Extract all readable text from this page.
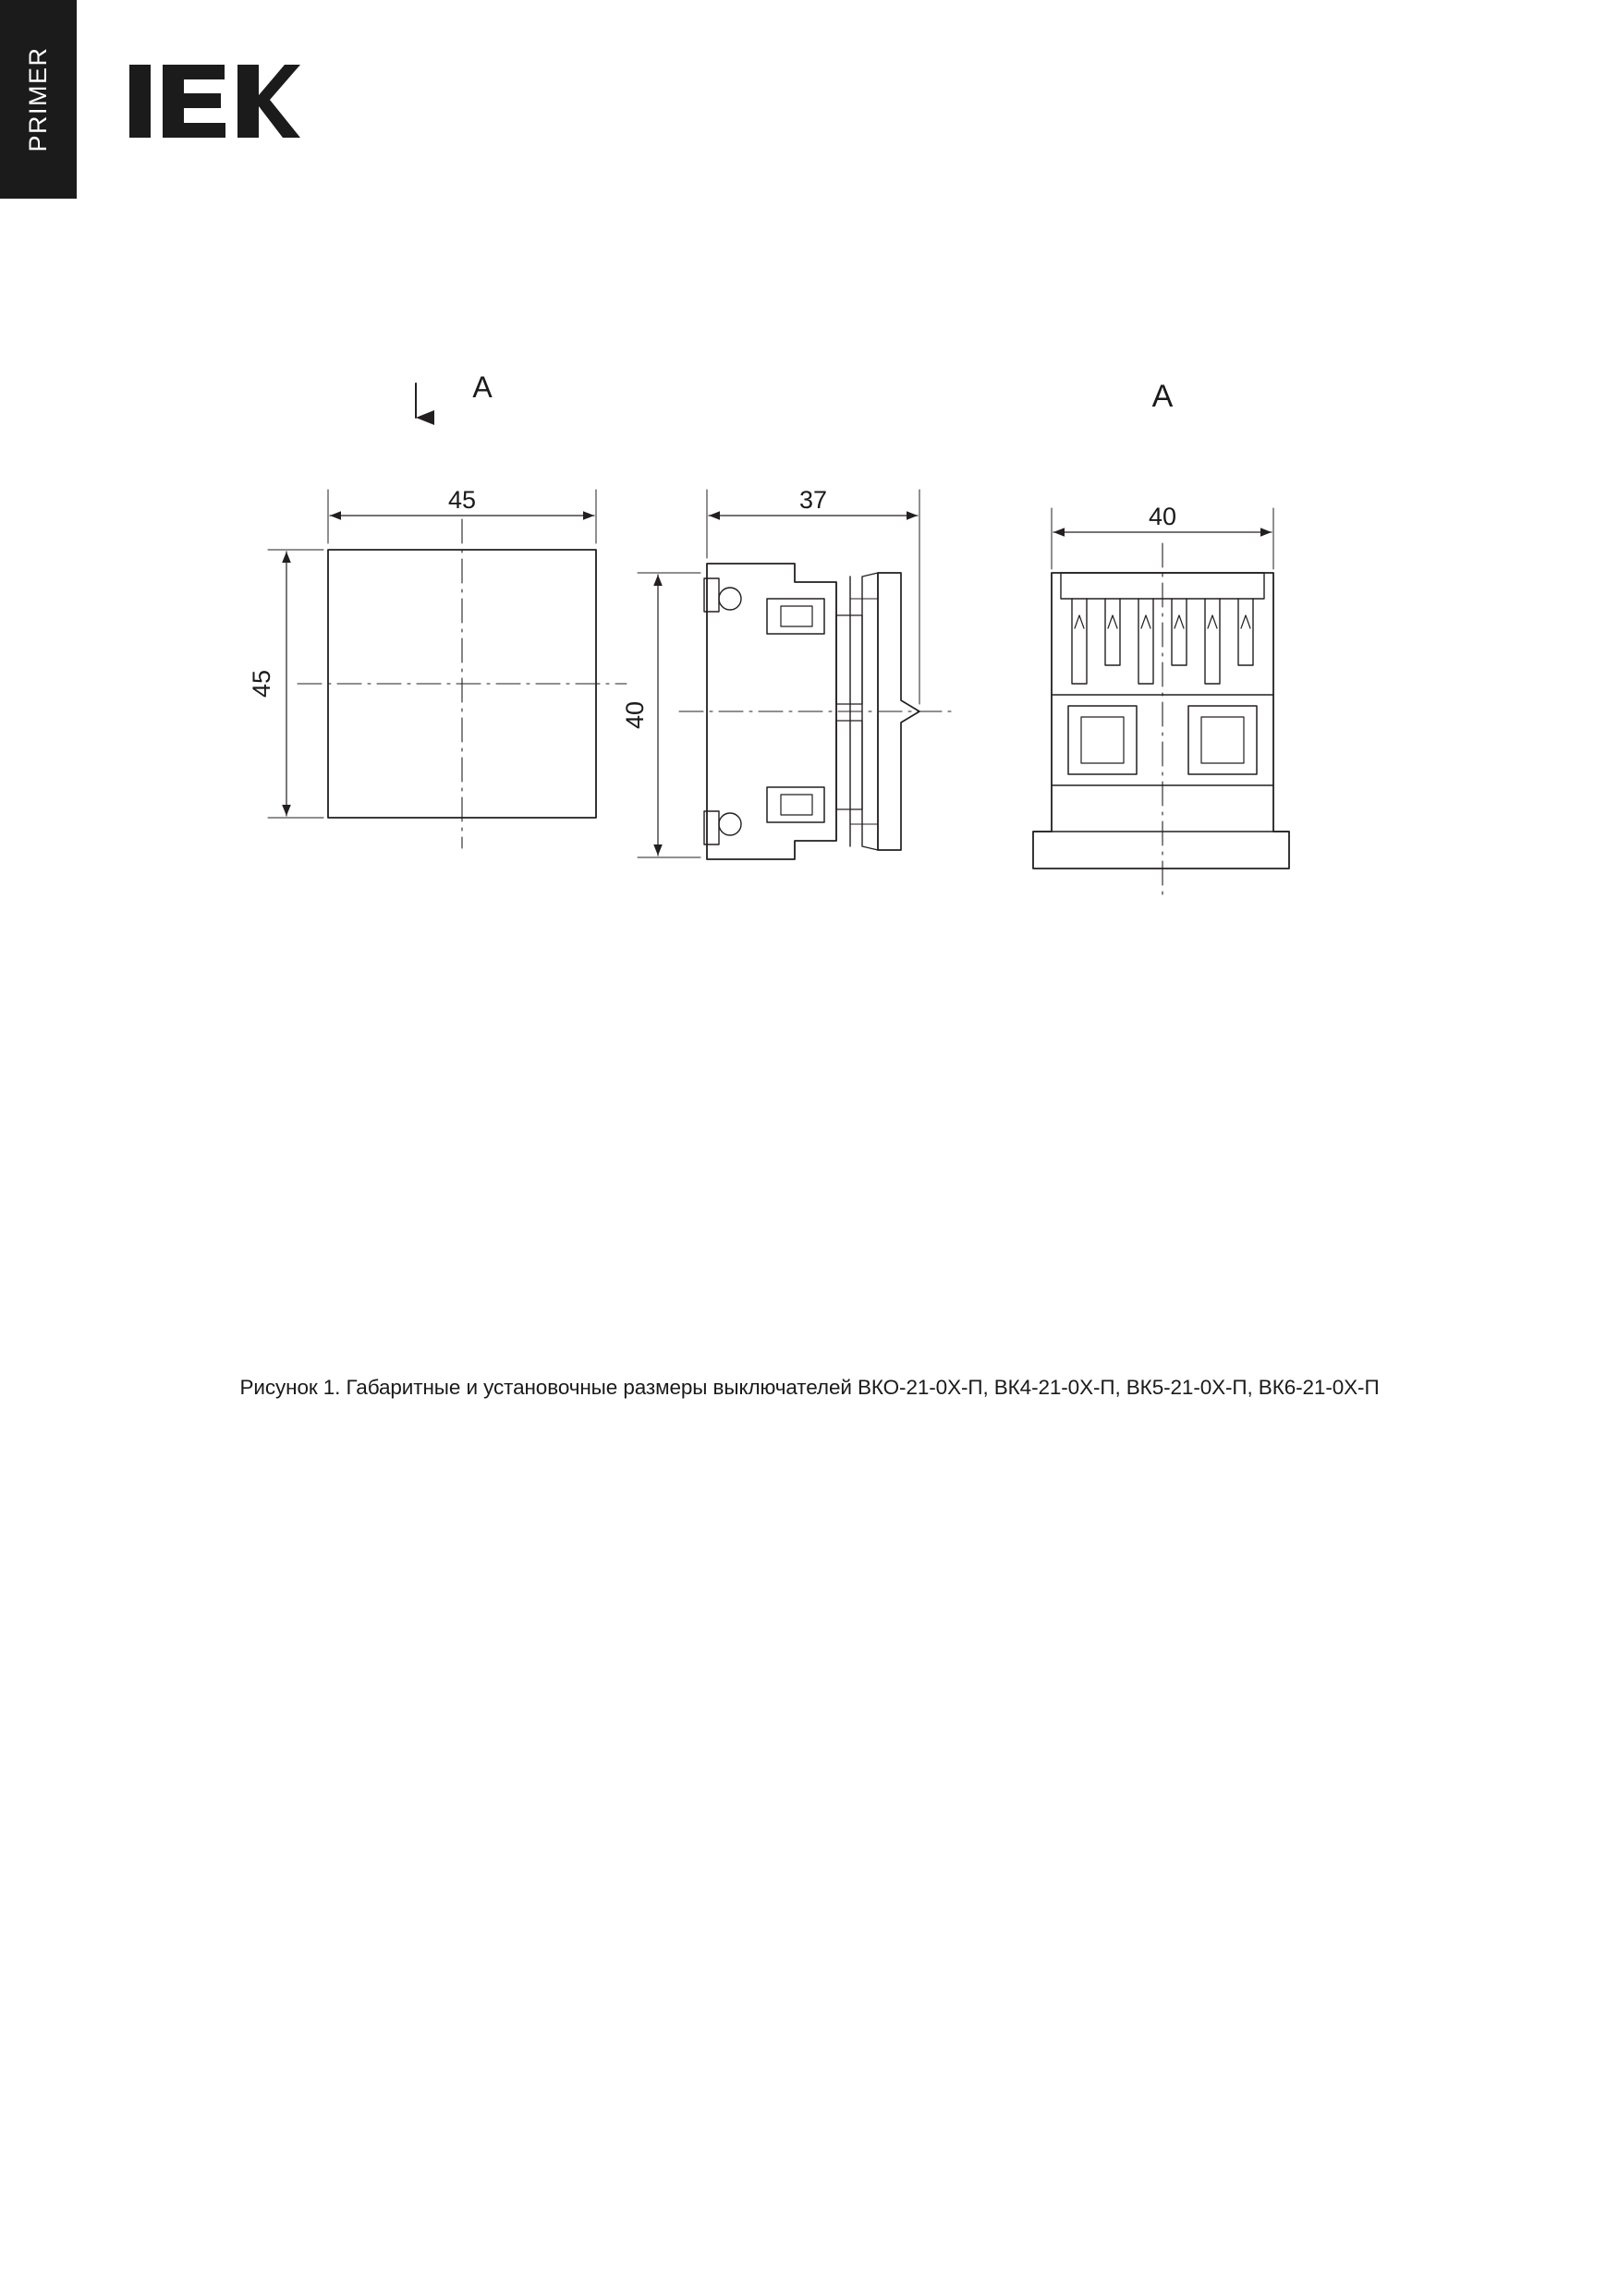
PRIMER
A
45
45
37
40
A
40
Рисунок 1. Габаритные и установочные размеры выключателей ВКО-21-0Х-П, ВК4-21-0Х-П, ВК5-21-0Х-П, ВК6-21-0Х-П
